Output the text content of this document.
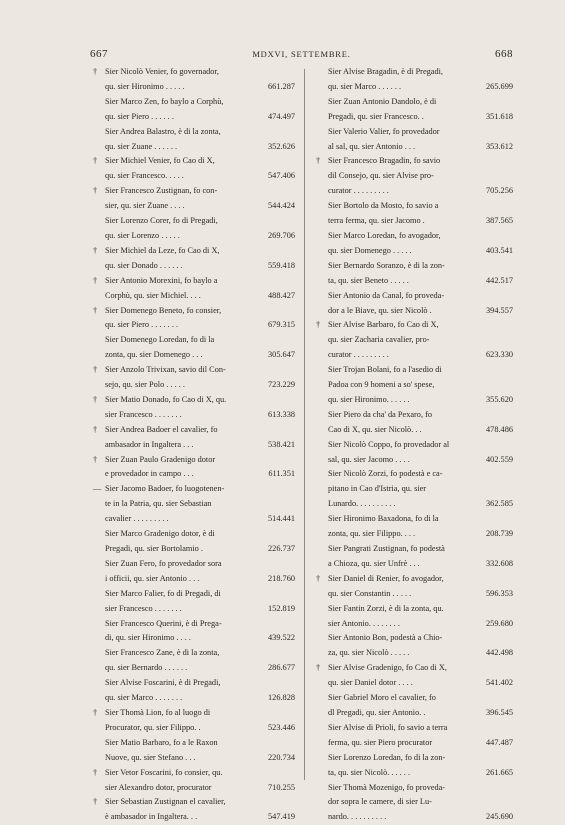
667	MDXVI, SETTEMBRE.	668
† Sier Nicolò Venier, fo governador,
qu. sier Hironimo . . . . .	661.287
Sier Marco Zen, fo baylo a Corphù,
qu. sier Piero . . . . . .	474.497
Sier Andrea Balastro, è di la zonta,
qu. sier Zuane . . . . . .	352.626
† Sier Michiel Venier, fo Cao di X,
qu. sier Francesco. . . . .	547.406
† Sier Francesco Zustignan, fo con-
sier, qu. sier Zuane . . . .	544.424
Sier Lorenzo Corer, fo di Pregadi,
qu. sier Lorenzo . . . . .	269.706
† Sier Michiel da Leze, fo Cao di X,
qu. sier Donado . . . . . .	559.418
† Sier Antonio Morexini, fo baylo a
Corphù, qu. sier Michiel. . . .	488.427
† Sier Domenego Beneto, fo consier,
qu. sier Piero . . . . . . .	679.315
Sier Domenego Loredan, fo di la
zonta, qu. sier Domenego . . .	305.647
† Sier Anzolo Trivixan, savio dil Con-
sejo, qu. sier Polo . . . . .	723.229
† Sier Matio Donado, fo Cao di X, qu.
sier Francesco . . . . . . .	613.338
† Sier Andrea Badoer el cavalier, fo
ambasador in Ingaltera . . .	538.421
† Sier Zuan Paulo Gradenigo dotor
e provedador in campo . . .	611.351
— Sier Jacomo Badoer, fo luogotenen-
te in la Patria, qu. sier Sebastian
cavalier . . . . . . . . .	514.441
Sier Marco Gradenigo dotor, è di
Pregadi, qu. sier Bortolamio .	226.737
Sier Zuan Fero, fo provedador sora
i officii, qu. sier Antonio . . .	218.760
Sier Marco Falier, fo di Pregadi, di
sier Francesco . . . . . . .	152.819
Sier Francesco Querini, è di Prega-
di, qu. sier Hironimo . . . .	439.522
Sier Francesco Zane, è di la zonta,
qu. sier Bernardo . . . . . .	286.677
Sier Alvise Foscarini, è di Pregadi,
qu. sier Marco . . . . . . .	126.828
† Sier Thomà Lion, fo al luogo di
Procurator, qu. sier Filippo. .	523.446
Sier Matio Barbaro, fo a le Raxon
Nuove, qu. sier Stefano . . .	220.734
† Sier Vetor Foscarini, fo consier, qu.
sier Alexandro dotor, procurator	710.255
† Sier Sebastian Zustignan el cavalier,
è ambasador in Ingaltera. . .	547.419
Sier Alvise Bragadin, è di Pregadi,
qu. sier Marco . . . . . .	265.699
Sier Zuan Antonio Dandolo, è di
Pregadi, qu. sier Francesco. .	351.618
Sier Valerio Valier, fo provedador
al sal, qu. sier Antonio . . .	353.612
† Sier Francesco Bragadin, fo savio
dil Consejo, qu. sier Alvise pro-
curator . . . . . . . . .	705.256
Sier Bortolo da Mosto, fo savio a
terra ferma, qu. sier Jacomo .	387.565
Sier Marco Loredan, fo avogador,
qu. sier Domenego . . . . .	403.541
Sier Bernardo Soranzo, è di la zon-
ta, qu. sier Beneto . . . . .	442.517
Sier Antonio da Canal, fo proveda-
dor a le Biave, qu. sier Nicolò .	394.557
† Sier Alvise Barbaro, fo Cao di X,
qu. sier Zacharia cavalier, pro-
curator . . . . . . . . .	623.330
Sier Trojan Bolani, fo a l'asedio di
Padoa con 9 homeni a so' spese,
qu. sier Hironimo. . . . . .	355.620
Sier Piero da cha' da Pexaro, fo
Cao di X, qu. sier Nicolò. . .	478.486
Sier Nicolò Coppo, fo provedador al
sal, qu. sier Jacomo . . . .	402.559
Sier Nicolò Zorzi, fo podestà e ca-
pitano in Cao d'Istria, qu. sier
Lunardo. . . . . . . . . .	362.585
Sier Hironimo Baxadona, fo di la
zonta, qu. sier Filippo. . . .	208.739
Sier Pangrati Zustignan, fo podestà
a Chioza, qu. sier Unfrè . . .	332.608
† Sier Daniel di Renier, fo avogador,
qu. sier Constantin . . . . .	596.353
Sier Fantin Zorzi, è di la zonta, qu.
sier Antonio. . . . . . . .	259.680
Sier Antonio Bon, podestà a Chio-
za, qu. sier Nicolò . . . . .	442.498
† Sier Alvise Gradenigo, fo Cao di X,
qu. sier Daniel dotor . . . .	541.402
Sier Gabriel Moro el cavalier, fo
dl Pregadi, qu. sier Antonio. .	396.545
Sier Alvise di Prioli, fo savio a terra
ferma, qu. sier Piero procurator	447.487
Sier Lorenzo Loredan, fo di la zon-
ta, qu. sier Nicolò. . . . . .	261.665
Sier Thomà Mozenigo, fo proveda-
dor sopra le camere, di sier Lu-
nardo. . . . . . . . . .	245.690
